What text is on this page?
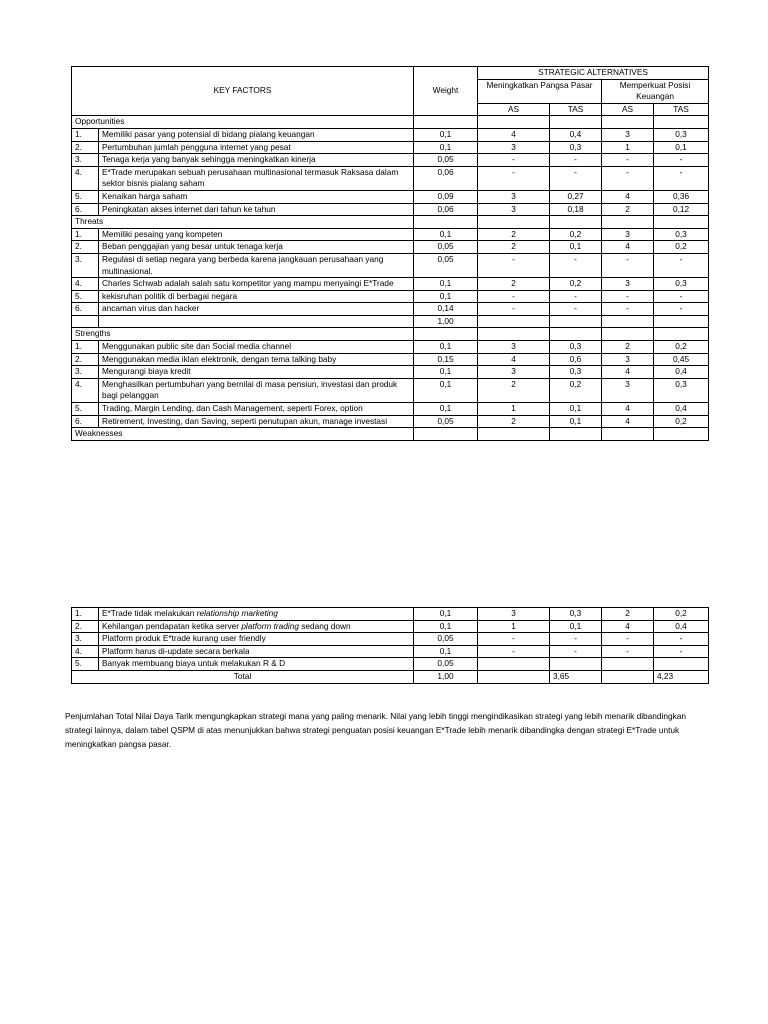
KEY FACTORS		Weight	STRATEGIC ALTERNATIVES			
			Meningkatkan Pangsa Pasar		Memperkuat Posisi Keuangan	
			AS	TAS	AS	TAS
Opportunities						
1.	Memiliki pasar yang potensial di bidang pialang keuangan	0,1	4	0,4	3	0,3
2.	Pertumbuhan jumlah pengguna internet yang pesat	0,1	3	0,3	1	0,1
3.	Tenaga kerja yang banyak sehingga meningkatkan kinerja	0,05	-	-	-	-
4.	E*Trade merupakan sebuah perusahaan multinasional termasuk Raksasa dalam sektor bisnis pialang saham	0,06	-	-	-	-
5.	Kenaikan harga saham	0,09	3	0,27	4	0,36
6.	Peningkatan akses internet dari tahun ke tahun	0,06	3	0,18	2	0,12
Threats						
1.	Memiliki pesaing yang kompeten	0,1	2	0,2	3	0,3
2.	Beban penggajian yang besar untuk tenaga kerja	0,05	2	0,1	4	0,2
3.	Regulasi di setiap negara yang berbeda karena jangkauan perusahaan yang multinasional.	0,05	-	-	-	-
4.	Charles Schwab adalah salah satu kompetitor yang mampu menyaingi E*Trade	0,1	2	0,2	3	0,3
5.	kekisruhan politik di berbagai negara	0,1	-	-	-	-
6.	ancaman virus dan hacker	0,14	-	-	-	-
		1,00				
Strengths						
1.	Menggunakan public site dan Social media channel	0,1	3	0,3	2	0,2
2.	Menggunakan media iklan elektronik, dengan tema talking baby	0,15	4	0,6	3	0,45
3.	Mengurangi biaya kredit	0,1	3	0,3	4	0,4
4.	Menghasilkan pertumbuhan yang bernilai di masa pensiun, investasi dan produk bagi pelanggan	0,1	2	0,2	3	0,3
5.	Trading, Margin Lending, dan Cash Management, seperti Forex, option	0,1	1	0,1	4	0,4
6.	Retirement, Investing, dan Saving, seperti penutupan akun, manage investasi	0,05	2	0,1	4	0,2
Weaknesses						
1.	E*Trade tidak melakukan relationship marketing	0,1	3	0,3	2	0,2
2.	Kehilangan pendapatan ketika server platform trading sedang down	0,1	1	0,1	4	0,4
3.	Platform produk E*trade kurang user friendly	0,05	-	-	-	-
4.	Platform harus di-update secara berkala	0,1	-	-	-	-
5.	Banyak membuang biaya untuk melakukan R & D	0,05				
Total		1,00		3,65		4,23
Penjumlahan Total Nilai Daya Tarik mengungkapkan strategi mana yang paling menarik. Nilai yang lebih tinggi mengindikasikan strategi yang lebih menarik dibandingkan strategi lainnya, dalam tabel QSPM di atas menunjukkan bahwa strategi penguatan posisi keuangan E*Trade lebih menarik dibandingka dengan strategi E*Trade untuk meningkatkan pangsa pasar.
